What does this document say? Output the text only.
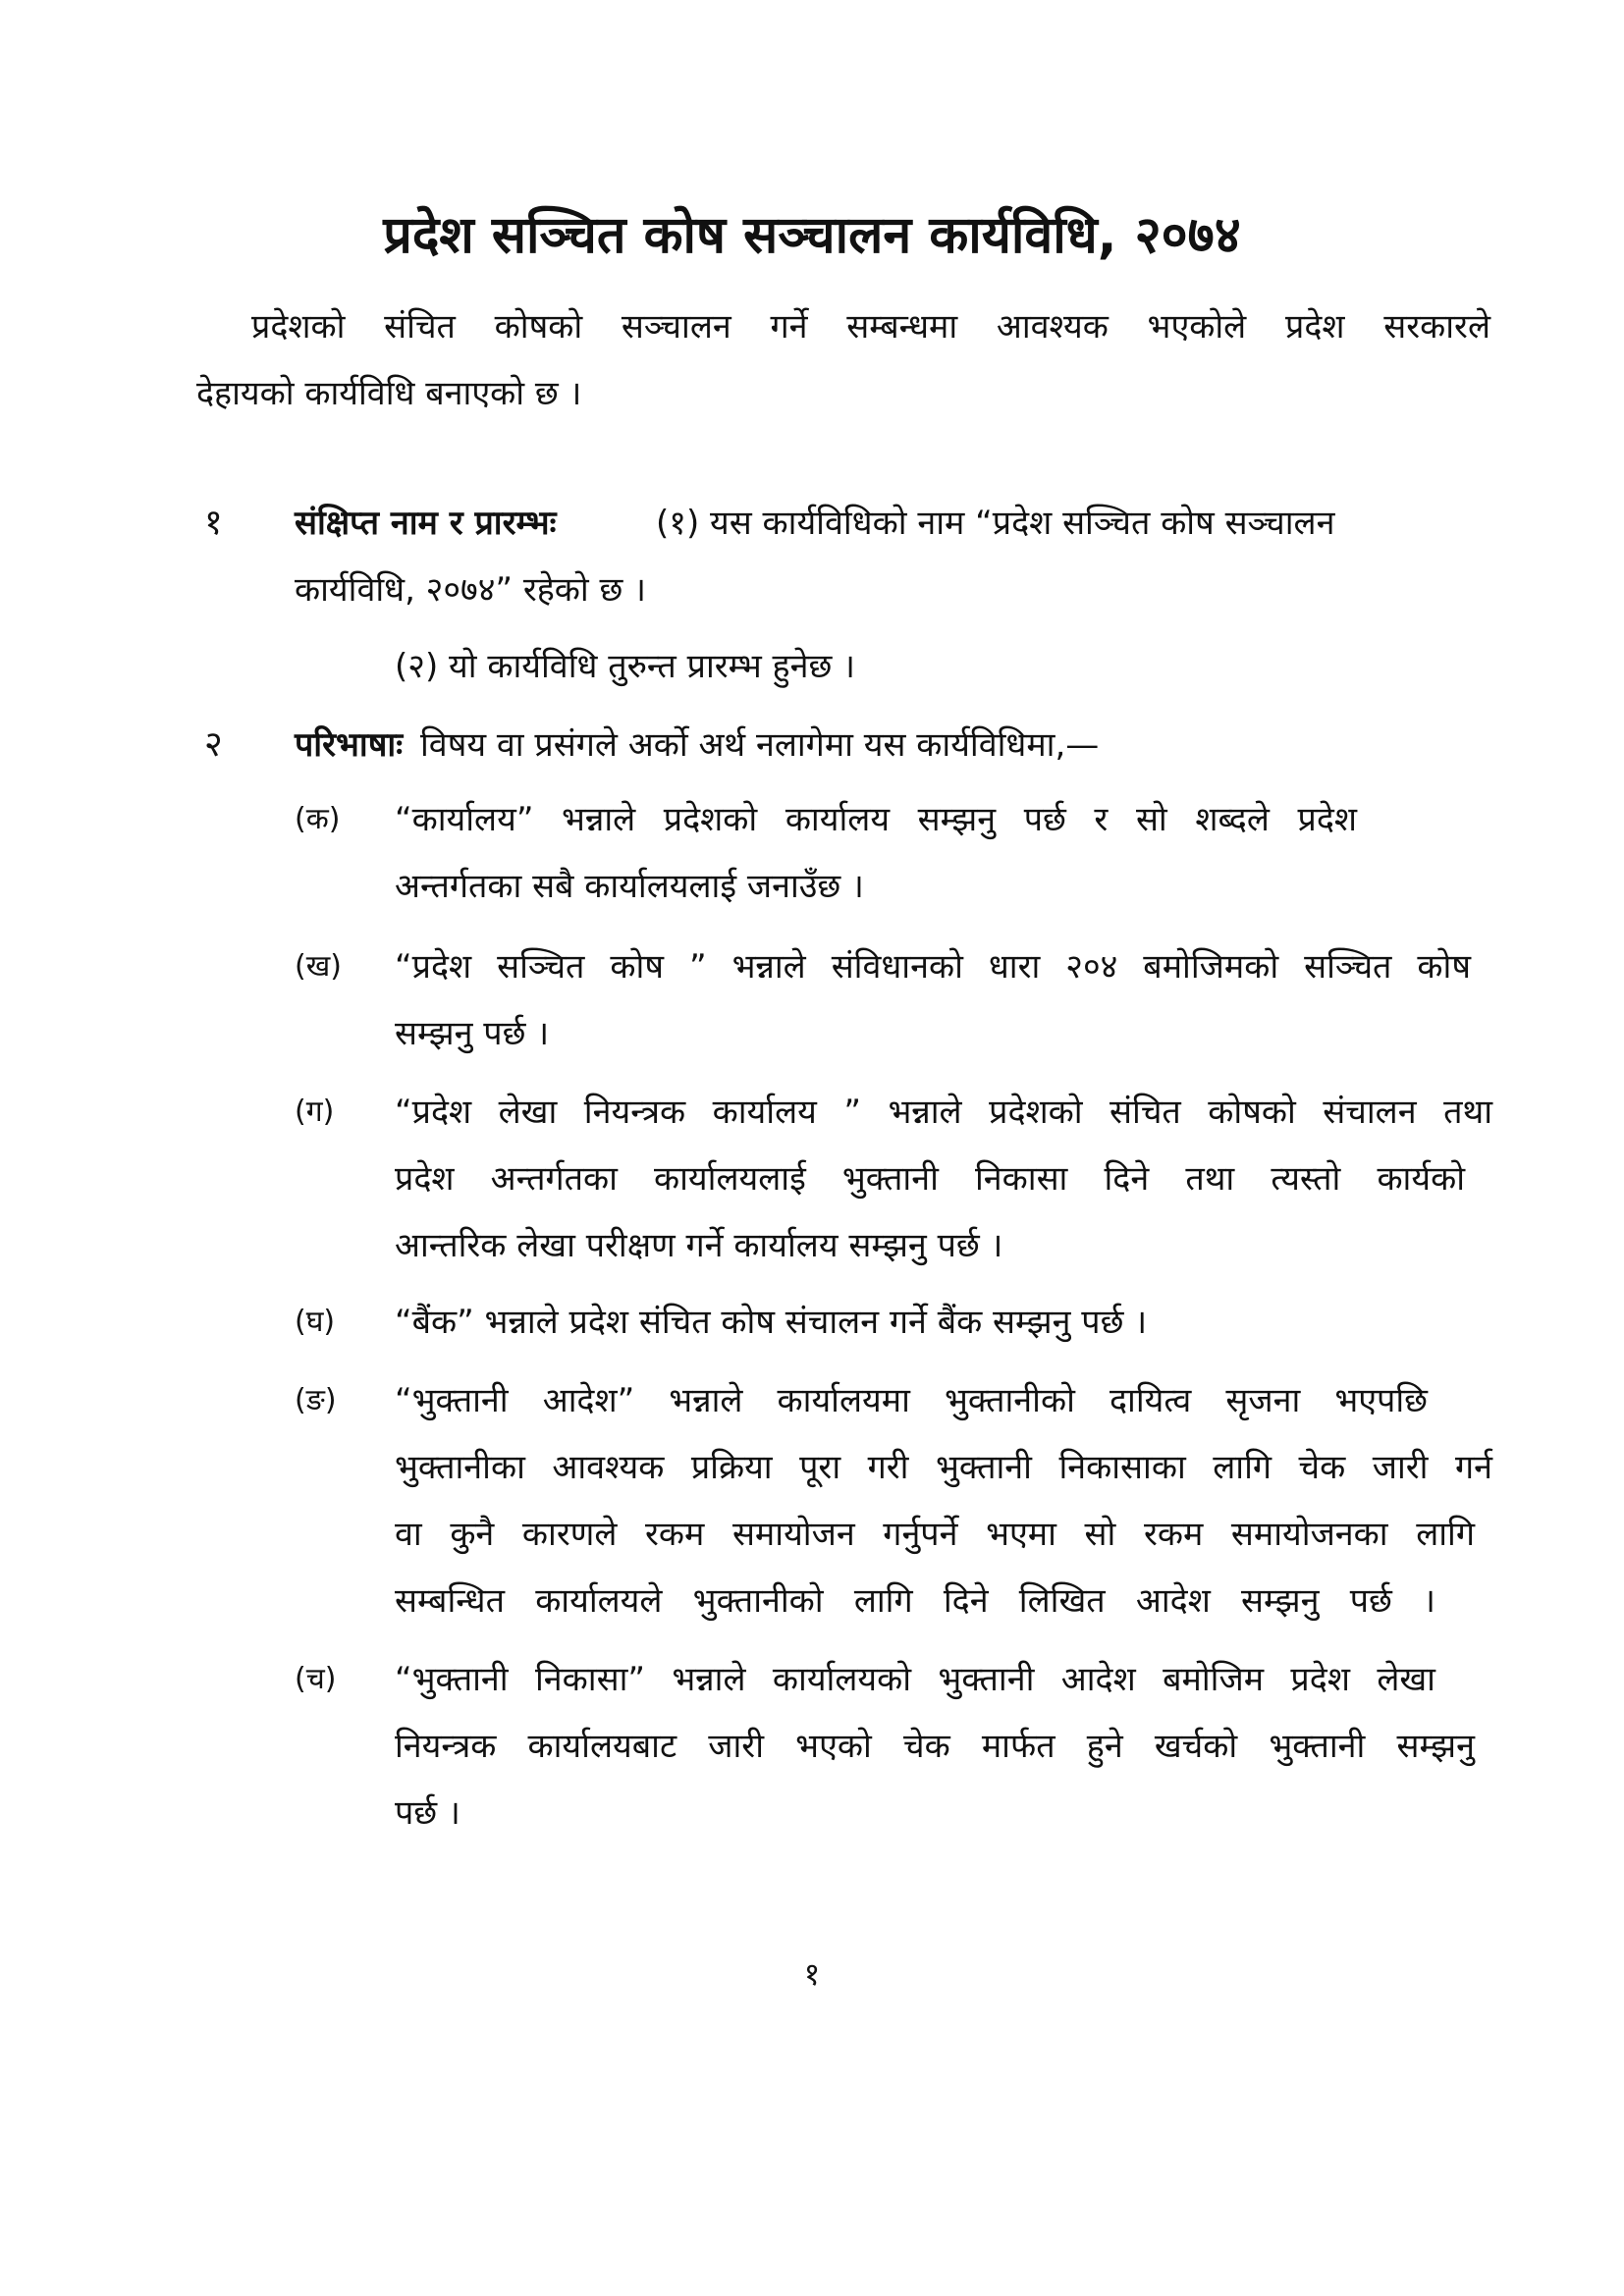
प्रदेश सञ्चित कोष सञ्चालन कार्यविधि, २०७४
प्रदेशको संचित कोषको सञ्चालन गर्ने सम्बन्धमा आवश्यक भएकोले प्रदेश सरकारले
देहायको कार्यविधि बनाएको छ ।
१ संक्षिप्त नाम र प्रारम्भः	(१) यस कार्यविधिको नाम “प्रदेश सञ्चित कोष सञ्चालन
कार्यविधि, २०७४” रहेको छ ।
(२) यो कार्यविधि तुरुन्त प्रारम्भ हुनेछ ।
२ परिभाषाः विषय वा प्रसंगले अर्को अर्थ नलागेमा यस कार्यविधिमा,—
(क) “कार्यालय” भन्नाले प्रदेशको कार्यालय सम्झनु पर्छ र सो शब्दले प्रदेश
अन्तर्गतका सबै कार्यालयलाई जनाउँछ ।
(ख) “प्रदेश सञ्चित कोष ” भन्नाले संविधानको धारा २०४ बमोजिमको सञ्चित कोष
सम्झनु पर्छ ।
(ग) “प्रदेश लेखा नियन्त्रक कार्यालय ” भन्नाले प्रदेशको संचित कोषको संचालन तथा
प्रदेश अन्तर्गतका कार्यालयलाई भुक्तानी निकासा दिने तथा त्यस्तो कार्यको
आन्तरिक लेखा परीक्षण गर्ने कार्यालय सम्झनु पर्छ ।
(घ) “बैंक” भन्नाले प्रदेश संचित कोष संचालन गर्ने बैंक सम्झनु पर्छ ।
(ङ) “भुक्तानी आदेश” भन्नाले कार्यालयमा भुक्तानीको दायित्व सृजना भएपछि
भुक्तानीका आवश्यक प्रक्रिया पूरा गरी भुक्तानी निकासाका लागि चेक जारी गर्न
वा कुनै कारणले रकम समायोजन गर्नुपर्ने भएमा सो रकम समायोजनका लागि
सम्बन्धित कार्यालयले भुक्तानीको लागि दिने लिखित आदेश सम्झनु पर्छ ।
(च) “भुक्तानी निकासा” भन्नाले कार्यालयको भुक्तानी आदेश बमोजिम प्रदेश लेखा
नियन्त्रक कार्यालयबाट जारी भएको चेक मार्फत हुने खर्चको भुक्तानी सम्झनु
पर्छ ।
१
